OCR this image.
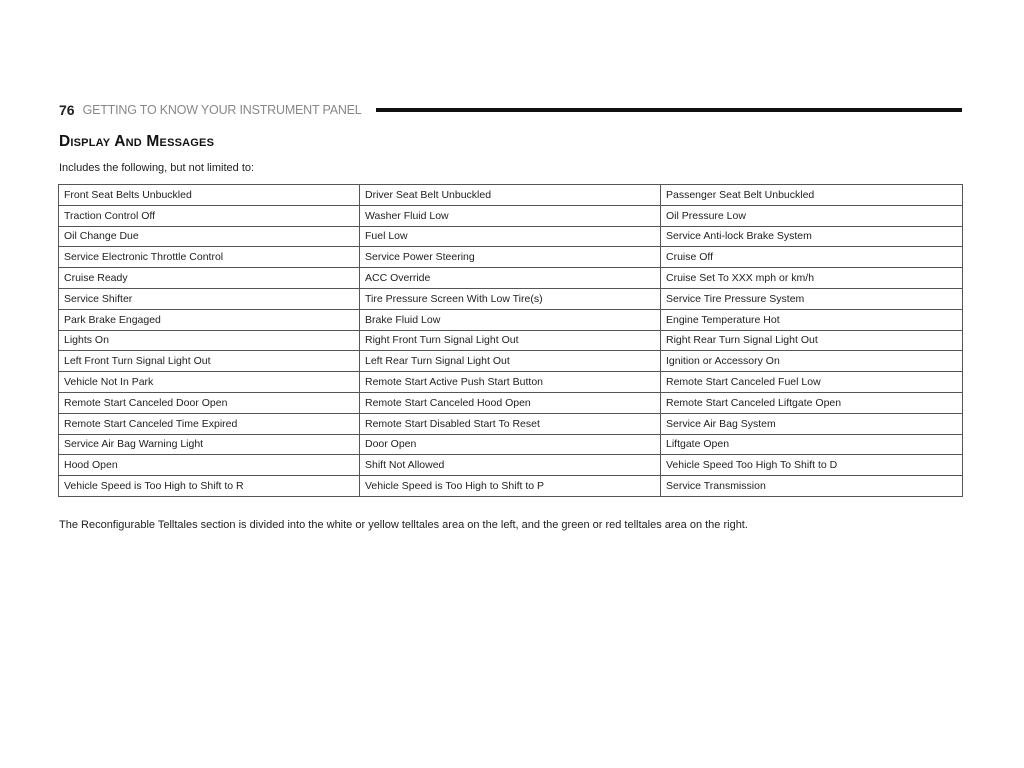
76 GETTING TO KNOW YOUR INSTRUMENT PANEL
Display And Messages

Includes the following, but not limited to:

Front Seat Belts Unbuckled	Driver Seat Belt Unbuckled	Passenger Seat Belt Unbuckled
Traction Control Off	Washer Fluid Low	Oil Pressure Low
Oil Change Due	Fuel Low	Service Anti-lock Brake System
Service Electronic Throttle Control	Service Power Steering	Cruise Off
Cruise Ready	ACC Override	Cruise Set To XXX mph or km/h
Service Shifter	Tire Pressure Screen With Low Tire(s)	Service Tire Pressure System
Park Brake Engaged	Brake Fluid Low	Engine Temperature Hot
Lights On	Right Front Turn Signal Light Out	Right Rear Turn Signal Light Out
Left Front Turn Signal Light Out	Left Rear Turn Signal Light Out	Ignition or Accessory On
Vehicle Not In Park	Remote Start Active Push Start Button	Remote Start Canceled Fuel Low
Remote Start Canceled Door Open	Remote Start Canceled Hood Open	Remote Start Canceled Liftgate Open
Remote Start Canceled Time Expired	Remote Start Disabled Start To Reset	Service Air Bag System
Service Air Bag Warning Light	Door Open	Liftgate Open
Hood Open	Shift Not Allowed	Vehicle Speed Too High To Shift to D
Vehicle Speed is Too High to Shift to R	Vehicle Speed is Too High to Shift to P	Service Transmission

The Reconfigurable Telltales section is divided into the white or yellow telltales area on the left, and the green or red telltales area on the right.
